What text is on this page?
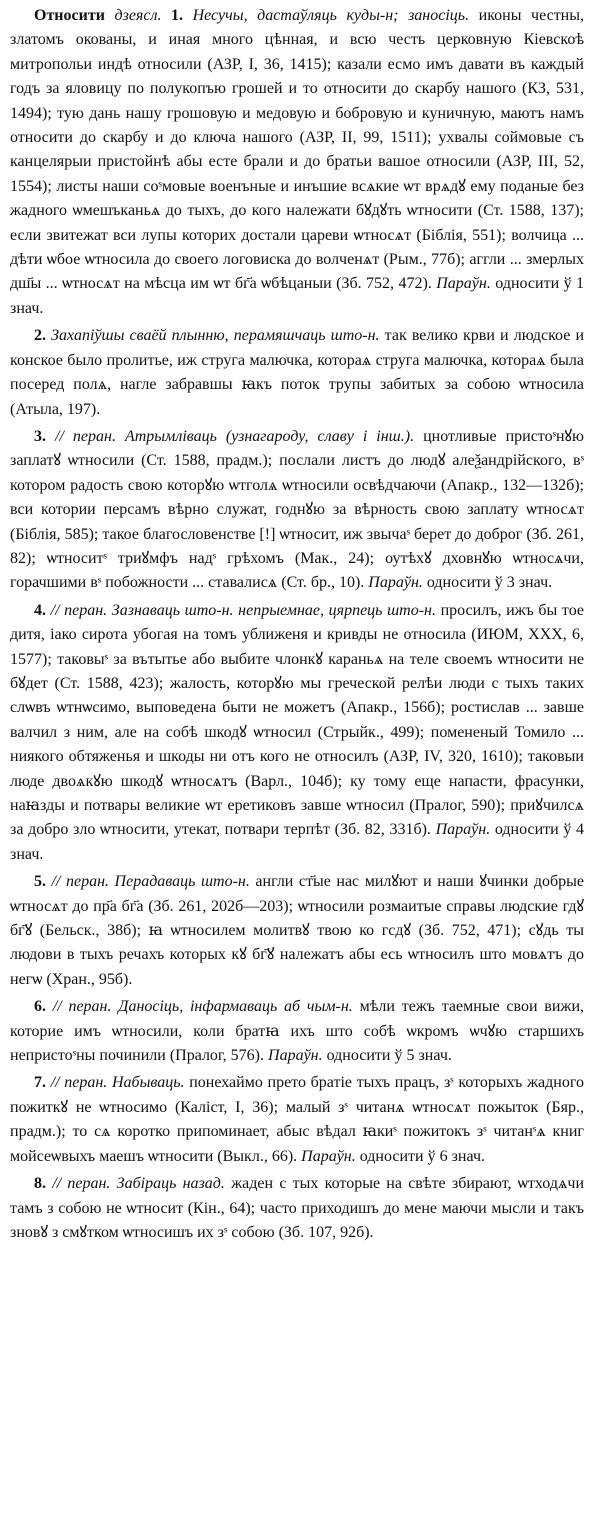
Относити дзеясл. 1. Несучы, дастаўляць куды-н; заносіць. иконы честны, златомъ окованы, и иная много цѣнная, и всю честь церковную Кіевскоѣ митропольи индѣ относили (АЗР, I, 36, 1415); казали есмо имъ давати въ каждый годъ за яловицу по полукопъю грошей и то относити до скарбу нашого (КЗ, 531, 1494); тую дань нашу грошовую и медовую и бобровую и куничную, маютъ намъ относити до скарбу и до ключа нашого (АЗР, II, 99, 1511); ухвалы соймовые съ канцелярыи пристойнѣ абы есте брали и до братьи вашое относили (АЗР, III, 52, 1554); листы наши соˢмовые военъные и инъшие всѧкие ѡт врѧдꙋ ему поданые без жадного ѡмешъканьѧ до тыхъ, до кого належати бꙋдꙋть ѡтносити (Ст. 1588, 137); если звитежат вси лупы которих достали цареви ѡтносѧт (Біблія, 551); волчица ... дѣти ѡбое ѡтносила до своего логовиска до волченѧт (Рым., 77б); аггли ... змерлых дш҃ы ... ѡтносѧт на мѣсца им ѡт бг҃а ѡбѣцаныи (Зб. 752, 472). Параўн. односити ў 1 знач.

2. Захапіўшы сваёй плынню, перамяшчаць што-н. так велико крви и людское и конское было пролитье, иж струга малючка, котораѧ струга малючка, котораѧ была посеред полѧ, нагле забравшы ꙗкъ поток трупы забитых за собою ѡтносила (Атыла, 197).

3. // перан. Атрымліваць (узнагароду, славу і інш.). цнотливые пристоˢнꙋю заплатꙋ ѡтносили (Ст. 1588, прадм.); послали листъ до людꙋ алеѯандрійского, вˢ котором радость свою которꙋю ѡтголѧ ѡтносили освѣдчаючи (Апакр., 132—132б); вси котории персамъ вѣрно служат, годнꙋю за вѣрность свою заплату ѡтносѧт (Біблія, 585); такое благословенстве [!] ѡтносит, иж звычаˢ берет до доброг (Зб. 261, 82); ѡтноситˢ триꙋмфъ надˢ грѣхомъ (Мак., 24); оутѣхꙋ дховнꙋю ѡтносѧчи, горачшими вˢ побожности ... ставалисѧ (Ст. бр., 10). Параўн. односити ў 3 знач.

4. // перан. Зазнаваць што-н. непрыемнае, цярпець што-н. просилъ, ижъ бы тое дитя, іако сирота убогая на томъ уближеня и кривды не относила (ИЮМ, XXX, 6, 1577); таковыˢ за вътытье або выбите члонкꙋ караньѧ на теле своемъ ѡтносити не бꙋдет (Ст. 1588, 423); жалость, которꙋю мы греческой релѣи люди с тыхъ таких слѡвъ ѡтнѡсимо, выповедена быти не можетъ (Апакр., 156б); ростислав ... завше валчил з ним, але на собѣ шкодꙋ ѡтносил (Стрыйк., 499); помененый Томило ... ниякого обтяженья и шкоды ни отъ кого не относилъ (АЗР, IV, 320, 1610); таковыи люде двоѧкꙋю шкодꙋ ѡтносѧтъ (Варл., 104б); ку тому еще напасти, фрасунки, наꙗзды и потвары великие ѡт еретиковъ завше ѡтносил (Пралог, 590); приꙋчилсѧ за добро зло ѡтносити, утекат, потвари терпѣт (Зб. 82, 331б). Параўн. односити ў 4 знач.

5. // перан. Перадаваць што-н. англи ст҃ые нас милꙋют и наши ꙋчинки добрые ѡтносѧт до пр҃а бг҃а (Зб. 261, 202б—203); ѡтносили розмаитые справы людские гдꙋ бг҃ꙋ (Бельск., 38б); ꙗ ѡтносилем молитвꙋ твою ко гсдꙋ (Зб. 752, 471); сꙋдь ты людови в тыхъ речахъ которых кꙋ бг҃ꙋ належатъ абы есь ѡтносилъ што мовѧтъ до негѡ (Хран., 95б).

6. // перан. Даносіць, інфармаваць аб чым-н. мѣли тежъ таемные свои вижи, которие имъ ѡтносили, коли братꙗ ихъ што собѣ ѡкромъ ѡчꙋю старшихъ непристоˢны починили (Пралог, 576). Параўн. односити ў 5 знач.

7. // перан. Набываць. понехаймо прето братіе тыхъ працъ, зˢ которыхъ жадного пожиткꙋ не ѡтносимо (Каліст, I, 36); малый зˢ читанѧ ѡтносѧт пожыток (Бяр., прадм.); то сѧ коротко припоминает, абыс вѣдал ꙗкиˢ пожитокъ зˢ читанˢѧ книг мойсеѡвыхъ маешъ ѡтносити (Выкл., 66). Параўн. односити ў 6 знач.

8. // перан. Забіраць назад. жаден с тых которые на свѣте збирают, ѡтходѧчи тамъ з собою не ѡтносит (Кін., 64); часто приходишъ до мене маючи мысли и такъ зновꙋ з смꙋтком ѡтносишъ их зˢ собою (Зб. 107, 92б).
